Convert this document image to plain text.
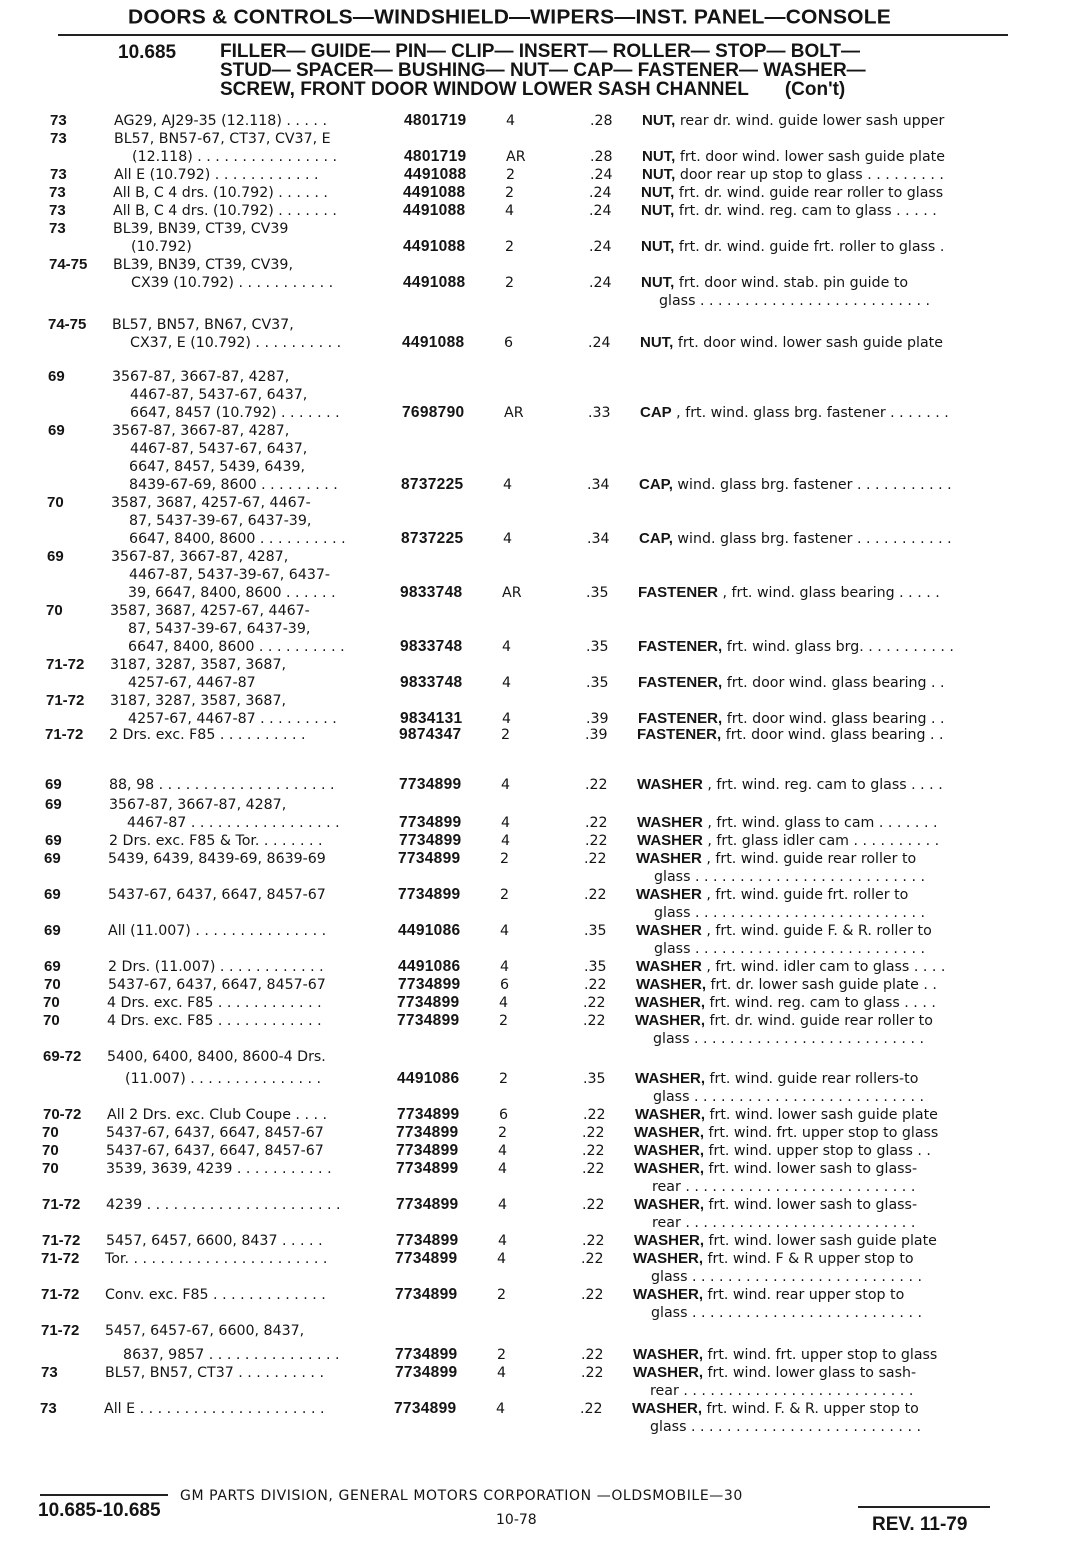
DOORS & CONTROLS—WINDSHIELD—WIPERS—INST. PANEL—CONSOLE
10.685 FILLER— GUIDE— PIN— CLIP— INSERT— ROLLER— STOP— BOLT—
STUD— SPACER— BUSHING— NUT— CAP— FASTENER— WASHER—
SCREW, FRONT DOOR WINDOW LOWER SASH CHANNEL (Con't)
73	AG29, AJ29-35 (12.118) . . . . .	4801719	4	.28 NUT, rear dr. wind. guide lower sash upper
73	BL57, BN57-67, CT37, CV37, E
(12.118) . . . . . . . . . . . . . . . .	4801719	AR	.28 NUT, frt. door wind. lower sash guide plate
73	All E (10.792) . . . . . . . . . . . .	4491088	2	.24 NUT, door rear up stop to glass . . . . . . . . .
73	All B, C 4 drs. (10.792) . . . . . .	4491088	2	.24 NUT, frt. dr. wind. guide rear roller to glass
73	All B, C 4 drs. (10.792) . . . . . . .	4491088	4	.24 NUT, frt. dr. wind. reg. cam to glass . . . . .
73	BL39, BN39, CT39, CV39
(10.792)	4491088	2	.24 NUT, frt. dr. wind. guide frt. roller to glass .
74-75 BL39, BN39, CT39, CV39,
CX39 (10.792) . . . . . . . . . . .	4491088	2	.24 NUT, frt. door wind. stab. pin guide to
glass . . . . . . . . . . . . . . . . . . . . . . . . . .
74-75 BL57, BN57, BN67, CV37,
CX37, E (10.792) . . . . . . . . . .	4491088	6	.24 NUT, frt. door wind. lower sash guide plate
69	3567-87, 3667-87, 4287,
4467-87, 5437-67, 6437,
6647, 8457 (10.792) . . . . . . .	7698790	AR	.33 CAP , frt. wind. glass brg. fastener . . . . . . .
69	3567-87, 3667-87, 4287,
4467-87, 5437-67, 6437,
6647, 8457, 5439, 6439,
8439-67-69, 8600 . . . . . . . . .	8737225	4	.34 CAP, wind. glass brg. fastener . . . . . . . . . . .
70	3587, 3687, 4257-67, 4467-
87, 5437-39-67, 6437-39,
6647, 8400, 8600 . . . . . . . . . .	8737225	4	.34 CAP, wind. glass brg. fastener . . . . . . . . . . .
69	3567-87, 3667-87, 4287,
4467-87, 5437-39-67, 6437-
39, 6647, 8400, 8600 . . . . . .	9833748	AR	.35 FASTENER , frt. wind. glass bearing . . . . .
70	3587, 3687, 4257-67, 4467-
87, 5437-39-67, 6437-39,
6647, 8400, 8600 . . . . . . . . . .	9833748	4	.35 FASTENER, frt. wind. glass brg. . . . . . . . . . .
71-72 3187, 3287, 3587, 3687,
4257-67, 4467-87	9833748	4	.35 FASTENER, frt. door wind. glass bearing . .
71-72 3187, 3287, 3587, 3687,
4257-67, 4467-87 . . . . . . . . .	9834131	4	.39 FASTENER, frt. door wind. glass bearing . .
71-72 2 Drs. exc. F85 . . . . . . . . . .	9874347	2	.39 FASTENER, frt. door wind. glass bearing . .
69	88, 98 . . . . . . . . . . . . . . . . . . . .	7734899	4	.22 WASHER , frt. wind. reg. cam to glass . . . .
69	3567-87, 3667-87, 4287,
4467-87 . . . . . . . . . . . . . . . . .	7734899	4	.22 WASHER , frt. wind. glass to cam . . . . . . .
69	2 Drs. exc. F85 & Tor. . . . . . . .	7734899	4	.22 WASHER , frt. glass idler cam . . . . . . . . . .
69	5439, 6439, 8439-69, 8639-69	7734899	2	.22 WASHER , frt. wind. guide rear roller to
glass . . . . . . . . . . . . . . . . . . . . . . . . . .
69	5437-67, 6437, 6647, 8457-67	7734899	2	.22 WASHER , frt. wind. guide frt. roller to
glass . . . . . . . . . . . . . . . . . . . . . . . . . .
69	All (11.007) . . . . . . . . . . . . . . .	4491086	4	.35 WASHER , frt. wind. guide F. & R. roller to
glass . . . . . . . . . . . . . . . . . . . . . . . . . .
69	2 Drs. (11.007) . . . . . . . . . . . .	4491086	4	.35 WASHER , frt. wind. idler cam to glass . . . .
70	5437-67, 6437, 6647, 8457-67	7734899	6	.22 WASHER, frt. dr. lower sash guide plate . .
70	4 Drs. exc. F85 . . . . . . . . . . . .	7734899	4	.22 WASHER, frt. wind. reg. cam to glass . . . .
70	4 Drs. exc. F85 . . . . . . . . . . . .	7734899	2	.22 WASHER, frt. dr. wind. guide rear roller to
glass . . . . . . . . . . . . . . . . . . . . . . . . . .
69-72 5400, 6400, 8400, 8600-4 Drs.
(11.007) . . . . . . . . . . . . . . .	4491086	2	.35 WASHER, frt. wind. guide rear rollers-to
glass . . . . . . . . . . . . . . . . . . . . . . . . . .
70-72 All 2 Drs. exc. Club Coupe . . . .	7734899	6	.22 WASHER, frt. wind. lower sash guide plate
70	5437-67, 6437, 6647, 8457-67	7734899	2	.22 WASHER, frt. wind. frt. upper stop to glass
70	5437-67, 6437, 6647, 8457-67	7734899	4	.22 WASHER, frt. wind. upper stop to glass . .
70	3539, 3639, 4239 . . . . . . . . . . .	7734899	4	.22 WASHER, frt. wind. lower sash to glass-
rear . . . . . . . . . . . . . . . . . . . . . . . . . .
71-72 4239 . . . . . . . . . . . . . . . . . . . . . .	7734899	4	.22 WASHER, frt. wind. lower sash to glass-
rear . . . . . . . . . . . . . . . . . . . . . . . . . .
71-72 5457, 6457, 6600, 8437 . . . . .	7734899	4	.22 WASHER, frt. wind. lower sash guide plate
71-72 Tor. . . . . . . . . . . . . . . . . . . . . . .	7734899	4	.22 WASHER, frt. wind. F & R upper stop to
glass . . . . . . . . . . . . . . . . . . . . . . . . . .
71-72 Conv. exc. F85 . . . . . . . . . . . . .	7734899	2	.22 WASHER, frt. wind. rear upper stop to
glass . . . . . . . . . . . . . . . . . . . . . . . . . .
71-72 5457, 6457-67, 6600, 8437,
8637, 9857 . . . . . . . . . . . . . . .	7734899	2	.22 WASHER, frt. wind. frt. upper stop to glass
73	BL57, BN57, CT37 . . . . . . . . . .	7734899	4	.22 WASHER, frt. wind. lower glass to sash-
rear . . . . . . . . . . . . . . . . . . . . . . . . . .
73	All E . . . . . . . . . . . . . . . . . . . . .	7734899	4	.22 WASHER, frt. wind. F. & R. upper stop to
glass . . . . . . . . . . . . . . . . . . . . . . . . . .
10.685-10.685
GM PARTS DIVISION, GENERAL MOTORS CORPORATION —OLDSMOBILE—30
10-78	REV. 11-79
